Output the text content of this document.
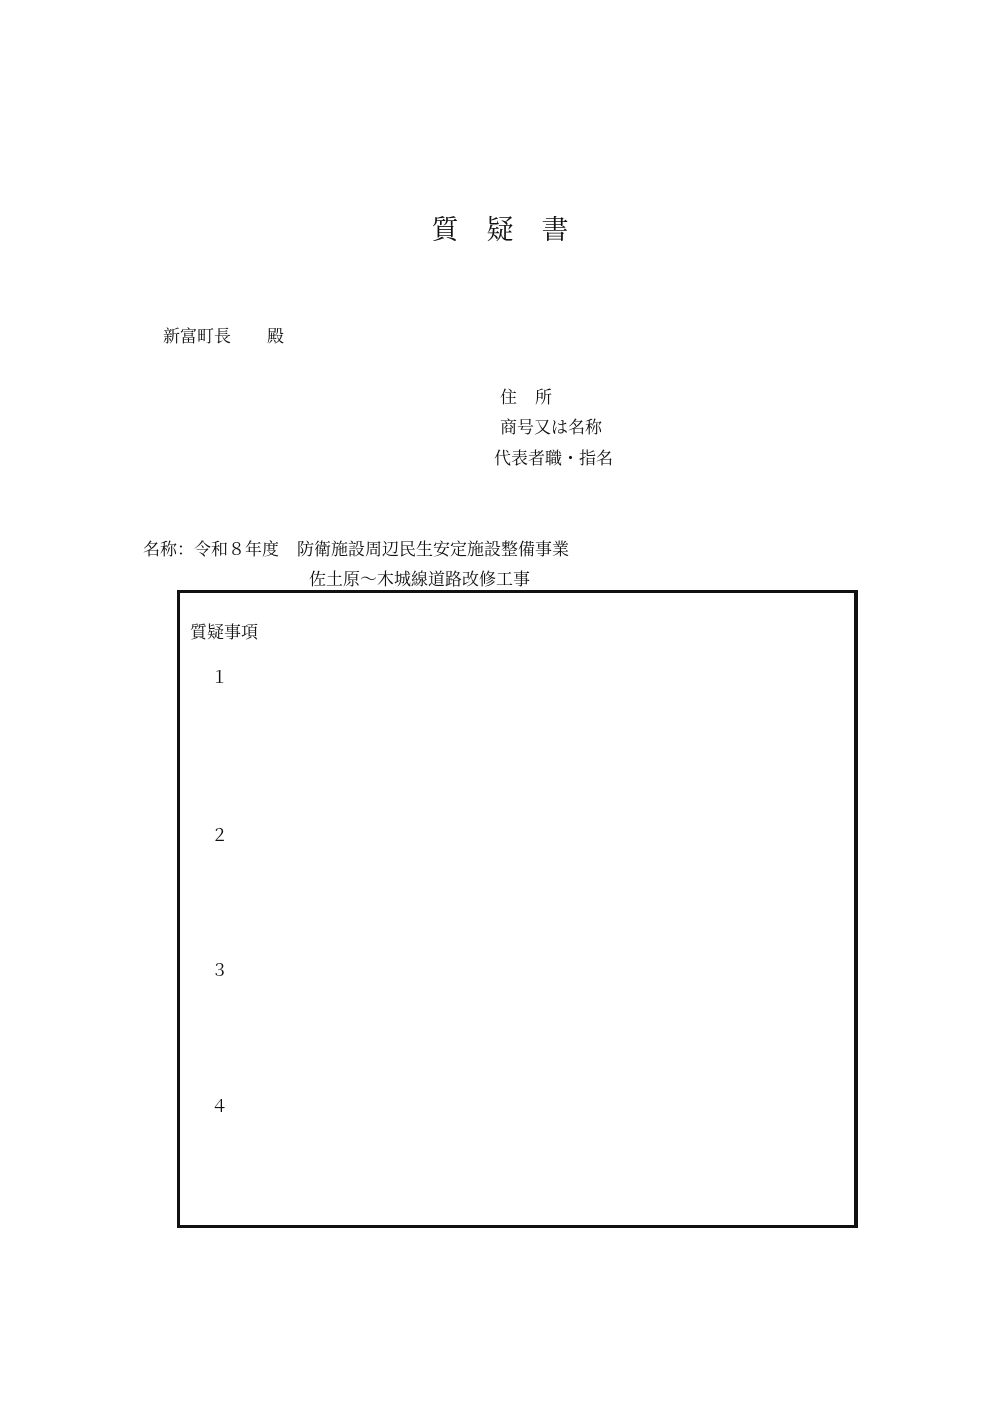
質 疑 書
新富町長 殿
住 所
商号又は名称
代表者職・指名
名称：令和８年度 防衛施設周辺民生安定施設整備事業
佐土原～木城線道路改修工事
質疑事項
１
２
３
４
